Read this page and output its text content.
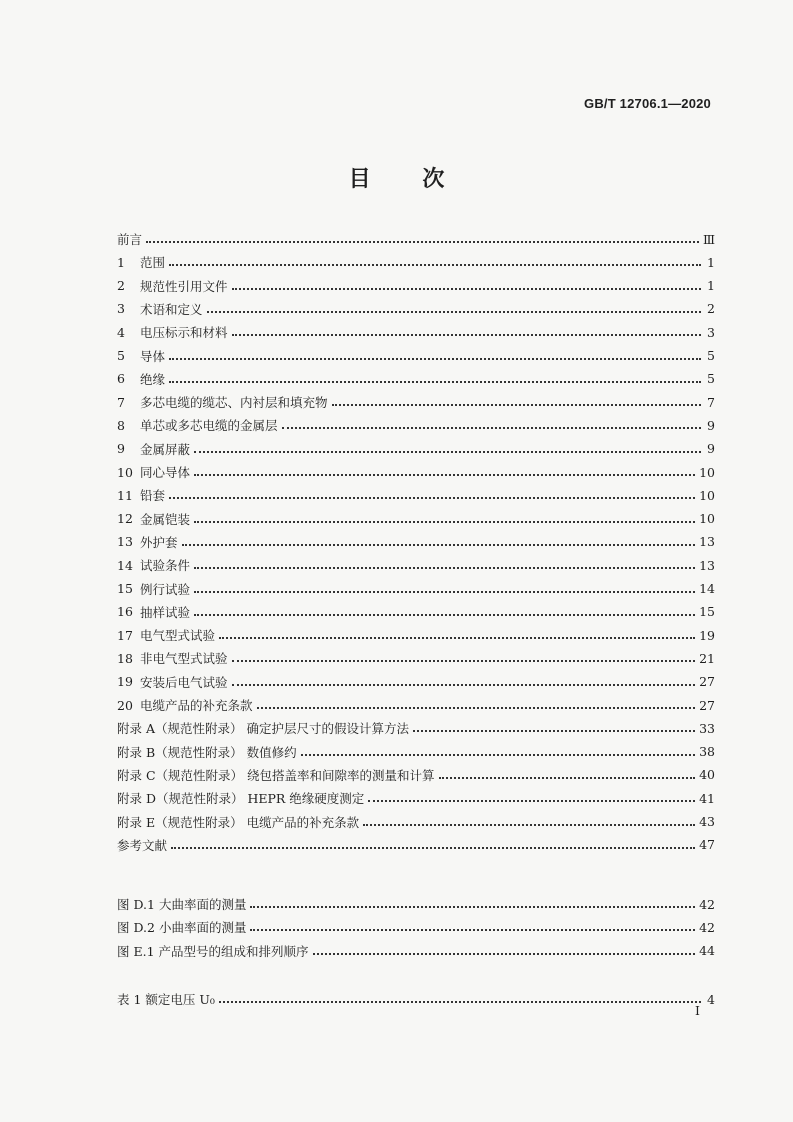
GB/T 12706.1—2020
目 次
前言	Ⅲ
1	范围	1
2	规范性引用文件	1
3	术语和定义	2
4	电压标示和材料	3
5	导体	5
6	绝缘	5
7	多芯电缆的缆芯、内衬层和填充物	7
8	单芯或多芯电缆的金属层	9
9	金属屏蔽	9
10 同心导体	10
11 铅套	10
12 金属铠装	10
13 外护套	13
14 试验条件	13
15 例行试验	14
16 抽样试验	15
17 电气型式试验	19
18 非电气型式试验	21
19 安装后电气试验	27
20 电缆产品的补充条款	27
附录 A（规范性附录） 确定护层尺寸的假设计算方法	33
附录 B（规范性附录） 数值修约	38
附录 C（规范性附录） 绕包搭盖率和间隙率的测量和计算	40
附录 D（规范性附录） HEPR 绝缘硬度测定	41
附录 E（规范性附录） 电缆产品的补充条款	43
参考文献	47
图 D.1 大曲率面的测量	42
图 D.2 小曲率面的测量	42
图 E.1 产品型号的组成和排列顺序	44
表 1 额定电压 U₀	4
I
